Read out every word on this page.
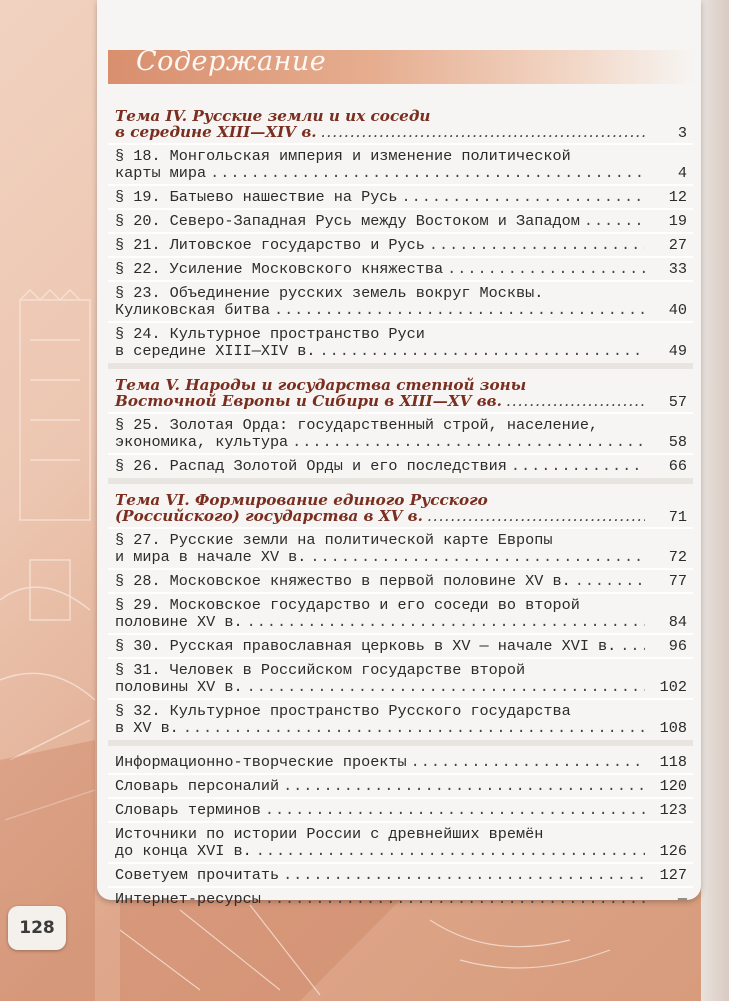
Содержание
Тема IV. Русские земли и их соседи
в середине XIII—XIV в. .....	3
§ 18. Монгольская империя и изменение политической
карты мира .....	4
§ 19. Батыево нашествие на Русь .....	12
§ 20. Северо-Западная Русь между Востоком и Западом .....	19
§ 21. Литовское государство и Русь .....	27
§ 22. Усиление Московского княжества .....	33
§ 23. Объединение русских земель вокруг Москвы.
Куликовская битва .....	40
§ 24. Культурное пространство Руси
в середине XIII—XIV в. .....	49
Тема V. Народы и государства степной зоны
Восточной Европы и Сибири в XIII—XV вв. .....	57
§ 25. Золотая Орда: государственный строй, население,
экономика, культура .....	58
§ 26. Распад Золотой Орды и его последствия .....	66
Тема VI. Формирование единого Русского
(Российского) государства в XV в. .....	71
§ 27. Русские земли на политической карте Европы
и мира в начале XV в. .....	72
§ 28. Московское княжество в первой половине XV в. .....	77
§ 29. Московское государство и его соседи во второй
половине XV в. .....	84
§ 30. Русская православная церковь в XV — начале XVI в. .....	96
§ 31. Человек в Российском государстве второй
половины XV в. .....	102
§ 32. Культурное пространство Русского государства
в XV в. .....	108
Информационно-творческие проекты .....	118
Словарь персоналий .....	120
Словарь терминов .....	123
Источники по истории России с древнейших времён
до конца XVI в. .....	126
Советуем прочитать .....	127
Интернет-ресурсы .....	—
128
